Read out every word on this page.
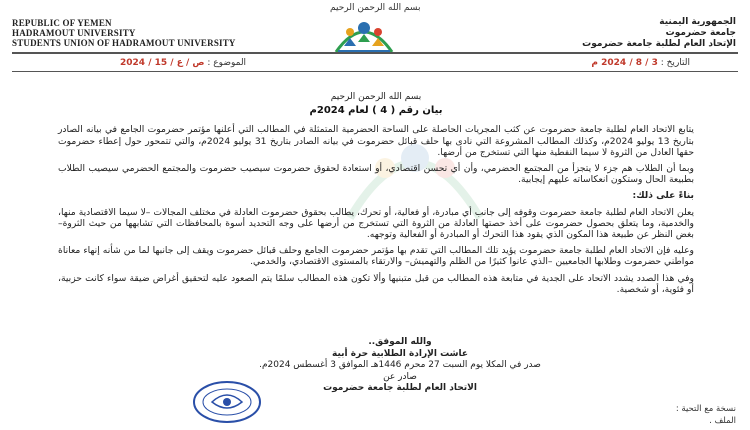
بسم الله الرحمن الرحيم
REPUBLIC OF YEMEN
HADRAMOUT UNIVERSITY
STUDENTS UNION OF HADRAMOUT UNIVERSITY
الجمهورية اليمنية
جامعة حضرموت
الإتحاد العام لطلبة جامعة حضرموت
الموضوع : ص / ع / 15 / 2024	التاريخ : 3 / 8 / 2024 م
بسم الله الرحمن الرحيم
بيان رقم ( 4 ) لعام 2024م

يتابع الاتحاد العام لطلبة جامعة حضرموت عن كثب المجريات الحاصلة على الساحة الحضرمية المتمثلة في المطالب التي أعلنها مؤتمر حضرموت الجامع في بيانه الصادر بتاريخ 13 يوليو 2024م، وكذلك المطالب المشروعة التي نادى بها حلف قبائل حضرموت في بيانه الصادر بتاريخ 31 يوليو 2024م، والتي تتمحور حول إعطاء حضرموت حقها العادل من الثروة لا سيما النفطية منها التي تستخرج من أرضها.

وبما أن الطلاب هم جزء لا يتجزأ من المجتمع الحضرمي، وأن أي تحسن اقتصادي، أو استعادة لحقوق حضرموت سيصيب حضرموت والمجتمع الحضرمي سيصيب الطلاب بطبيعة الحال وستكون انعكاساته عليهم إيجابية.

بناءً على ذلك:

يعلن الاتحاد العام لطلبة جامعة حضرموت وقوفه إلى جانب أي مبادرة، أو فعالية، أو تحرك، يطالب بحقوق حضرموت العادلة في مختلف المجالات –لا سيما الاقتصادية منها، والخدمية، وما يتعلق بحصول حضرموت على أخذ حصتها العادلة من الثروة التي تستخرج من أرضها على وجه التحديد أسوة بالمحافظات التي تشابهها من حيث الثروة– بغض النظر عن طبيعة هذا المكون الذي يقود هذا التحرك أو المبادرة أو الفعالية وتوجهه.

وعليه فإن الاتحاد العام لطلبة جامعة حضرموت يؤيد تلك المطالب التي تقدم بها مؤتمر حضرموت الجامع وحلف قبائل حضرموت ويقف إلى جانبها لما من شأنه إنهاء معاناة مواطني حضرموت وطلابها الجامعيين –الذي عانوا كثيرًا من الظلم والتهميش– والارتقاء بالمستوى الاقتصادي، والخدمي.

وفي هذا الصدد يشدد الاتحاد على الجدية في متابعة هذه المطالب من قبل متبنيها وألا تكون هذه المطالب سلمًا يتم الصعود عليه لتحقيق أغراض ضيقة سواء كانت حزبية، أو فئوية، أو شخصية.

والله الموفق..
عاشت الإرادة الطلابية حرة أبية
صدر في المكلا يوم السبت 27 محرم 1446هـ الموافق 3 أغسطس 2024م.
صادر عن
الاتحاد العام لطلبة جامعة حضرموت
نسخة مع التحية :
الملف .
